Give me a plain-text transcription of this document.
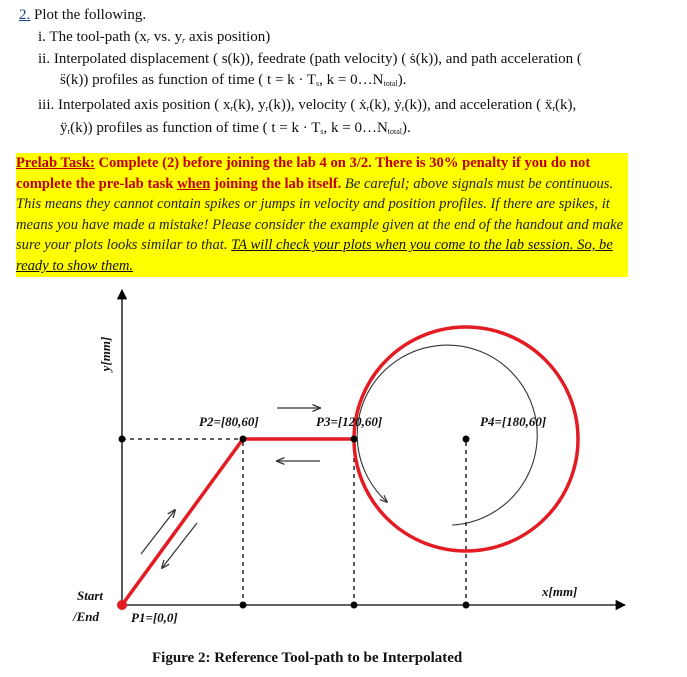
2. Plot the following.
i. The tool-path ($x_r$ vs. $y_r$ axis position)
ii. Interpolated displacement ( s(k)), feedrate (path velocity) ( ṡ(k)), and path acceleration (
s̈(k)) profiles as function of time ( $t = k \cdot T_s$, $k = 0\dots N_{total}$).
iii. Interpolated axis position ( $x_r(k)$, $y_r(k)$), velocity ( ẋ$_r$(k), ẏ$_r$(k)), and acceleration ( ẍ$_r$(k),
$ÿ_r(k)$) profiles as function of time ( $t = k \cdot T_s$, $k = 0\dots N_{total}$).

Prelab Task: Complete (2) before joining the lab 4 on 3/2. There is 30% penalty if you do not complete the pre-lab task when joining the lab itself. Be careful; above signals must be continuous. This means they cannot contain spikes or jumps in velocity and position profiles. If there are spikes, it means you have made a mistake! Please consider the example given at the end of the handout and make sure your plots looks similar to that. TA will check your plots when you come to the lab session. So, be ready to show them.

y[mm]
x[mm]
Start
/End P1=[0,0]
P2=[80,60]	P3=[120,60]	P4=[180,60]
Figure 2: Reference Tool-path to be Interpolated
